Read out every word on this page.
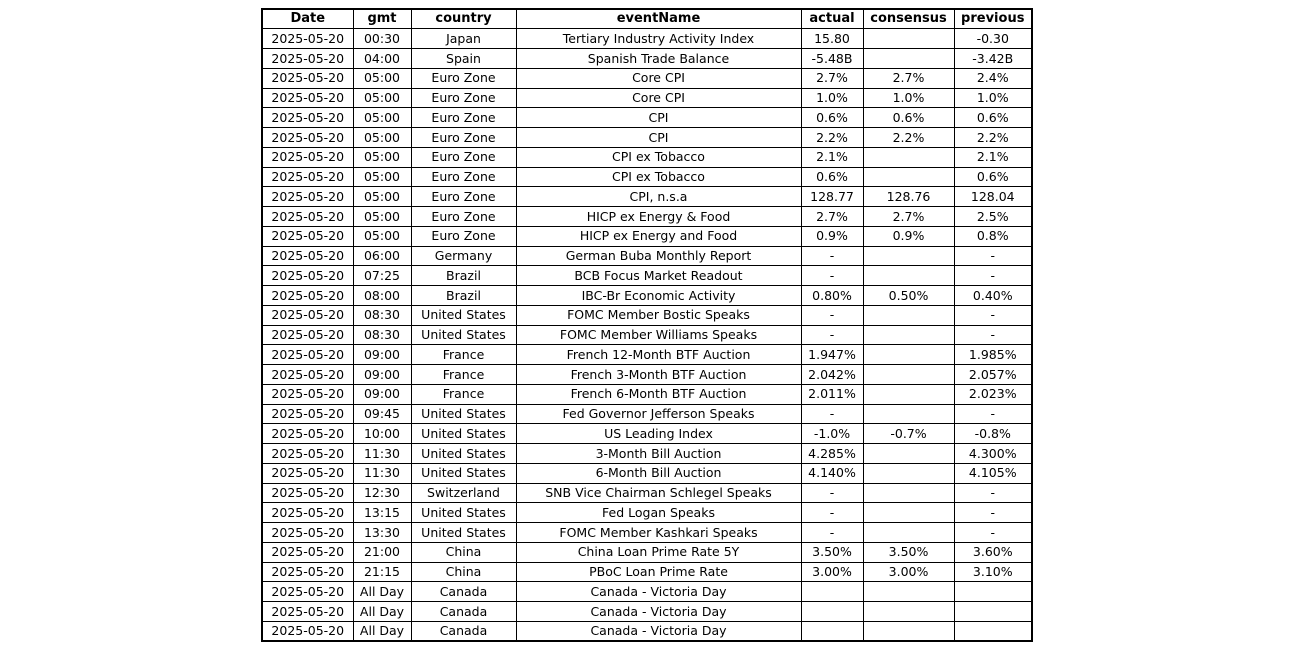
Date	gmt	country	eventName	actual	consensus	previous
2025-05-20	00:30	Japan	Tertiary Industry Activity Index	15.80		-0.30
2025-05-20	04:00	Spain	Spanish Trade Balance	-5.48B		-3.42B
2025-05-20	05:00	Euro Zone	Core CPI	2.7%	2.7%	2.4%
2025-05-20	05:00	Euro Zone	Core CPI	1.0%	1.0%	1.0%
2025-05-20	05:00	Euro Zone	CPI	0.6%	0.6%	0.6%
2025-05-20	05:00	Euro Zone	CPI	2.2%	2.2%	2.2%
2025-05-20	05:00	Euro Zone	CPI ex Tobacco	2.1%		2.1%
2025-05-20	05:00	Euro Zone	CPI ex Tobacco	0.6%		0.6%
2025-05-20	05:00	Euro Zone	CPI, n.s.a	128.77	128.76	128.04
2025-05-20	05:00	Euro Zone	HICP ex Energy & Food	2.7%	2.7%	2.5%
2025-05-20	05:00	Euro Zone	HICP ex Energy and Food	0.9%	0.9%	0.8%
2025-05-20	06:00	Germany	German Buba Monthly Report	-		-
2025-05-20	07:25	Brazil	BCB Focus Market Readout	-		-
2025-05-20	08:00	Brazil	IBC-Br Economic Activity	0.80%	0.50%	0.40%
2025-05-20	08:30	United States	FOMC Member Bostic Speaks	-		-
2025-05-20	08:30	United States	FOMC Member Williams Speaks	-		-
2025-05-20	09:00	France	French 12-Month BTF Auction	1.947%		1.985%
2025-05-20	09:00	France	French 3-Month BTF Auction	2.042%		2.057%
2025-05-20	09:00	France	French 6-Month BTF Auction	2.011%		2.023%
2025-05-20	09:45	United States	Fed Governor Jefferson Speaks	-		-
2025-05-20	10:00	United States	US Leading Index	-1.0%	-0.7%	-0.8%
2025-05-20	11:30	United States	3-Month Bill Auction	4.285%		4.300%
2025-05-20	11:30	United States	6-Month Bill Auction	4.140%		4.105%
2025-05-20	12:30	Switzerland	SNB Vice Chairman Schlegel Speaks	-		-
2025-05-20	13:15	United States	Fed Logan Speaks	-		-
2025-05-20	13:30	United States	FOMC Member Kashkari Speaks	-		-
2025-05-20	21:00	China	China Loan Prime Rate 5Y	3.50%	3.50%	3.60%
2025-05-20	21:15	China	PBoC Loan Prime Rate	3.00%	3.00%	3.10%
2025-05-20	All Day	Canada	Canada - Victoria Day			
2025-05-20	All Day	Canada	Canada - Victoria Day			
2025-05-20	All Day	Canada	Canada - Victoria Day			
